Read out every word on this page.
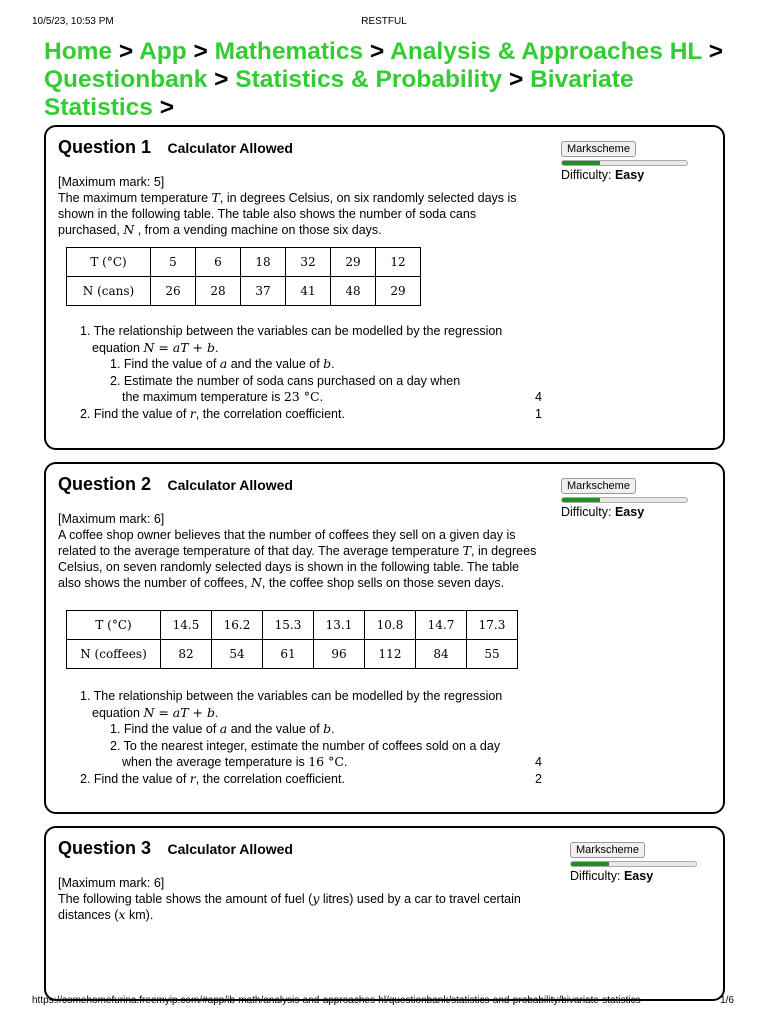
10/5/23, 10:53 PM	RESTFUL
Home > App > Mathematics > Analysis & Approaches HL > Questionbank > Statistics & Probability > Bivariate Statistics >
Question 1 Calculator Allowed	Markscheme
Difficulty: Easy

[Maximum mark: 5]

The maximum temperature T, in degrees Celsius, on six randomly selected days is shown in the following table. The table also shows the number of soda cans purchased, N , from a vending machine on those six days.

T (°C)	5	6	18	32	29	12
N (cans)	26	28	37	41	48	29
1. The relationship between the variables can be modelled by the regression
equation N = aT + b.
1. Find the value of a and the value of b.
2. Estimate the number of soda cans purchased on a day when
the maximum temperature is 23 °C.	4
2. Find the value of r, the correlation coefficient.	1
Question 2 Calculator Allowed	Markscheme
Difficulty: Easy

[Maximum mark: 6]

A coffee shop owner believes that the number of coffees they sell on a given day is related to the average temperature of that day. The average temperature T, in degrees Celsius, on seven randomly selected days is shown in the following table. The table also shows the number of coffees, N, the coffee shop sells on those seven days.

T (°C)	14.5	16.2	15.3	13.1	10.8	14.7	17.3
N (coffees)	82	54	61	96	112	84	55
1. The relationship between the variables can be modelled by the regression
equation N = aT + b.
1. Find the value of a and the value of b.
2. To the nearest integer, estimate the number of coffees sold on a day
when the average temperature is 16 °C.	4
2. Find the value of r, the correlation coefficient.	2
Question 3 Calculator Allowed	Markscheme
Difficulty: Easy

[Maximum mark: 6]

The following table shows the amount of fuel (y litres) used by a car to travel certain distances (x km).

https://comehomefurina.freemyip.com/#app/ib-math/analysis-and-approaches-hl/questionbank/statistics-and-probability/bivariate-statistics	1/6
